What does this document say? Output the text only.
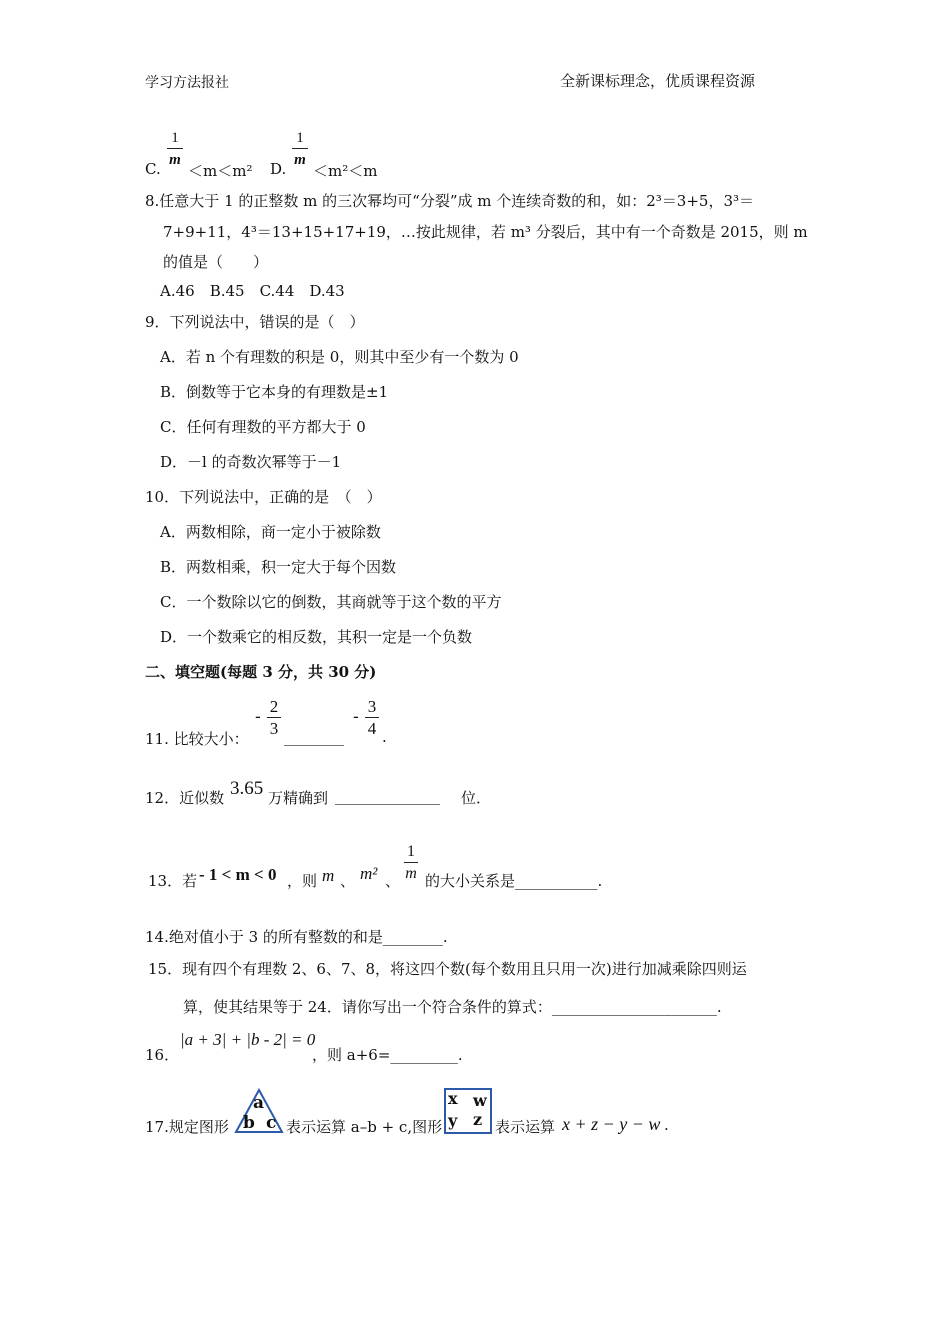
学习方法报社	全新课标理念，优质课程资源
C.
1
m
＜m＜m² D.
1
m
＜m²＜m
8.任意大于 1 的正整数 m 的三次幂均可“分裂”成 m 个连续奇数的和，如：2³＝3+5，3³＝
7+9+11，4³＝13+15+17+19，…按此规律，若 m³ 分裂后，其中有一个奇数是 2015，则 m
的值是（　　）
A.46　B.45　C.44　D.43
9．下列说法中，错误的是（　）
A．若 n 个有理数的积是 0，则其中至少有一个数为 0
B．倒数等于它本身的有理数是±1
C．任何有理数的平方都大于 0
D．－l 的奇数次幂等于－1
10．下列说法中，正确的是　（　）
A．两数相除，商一定小于被除数
B．两数相乘，积一定大于每个因数
C．一个数除以它的倒数，其商就等于这个数的平方
D．一个数乘它的相反数，其积一定是一个负数
二、填空题(每题 3 分，共 30 分)
11. 比较大小：
-
2
3 ________
-
3
4 .
12．近似数 3.65 万精确到 ______________ 位．
13．若 - 1 < m < 0 ，则 m 、 m² 、
1
m 的大小关系是___________.
14.绝对值小于 3 的所有整数的和是________.
15．现有四个有理数 2、6、7、8，将这四个数(每个数用且只用一次)进行加减乘除四则运
算，使其结果等于 24．请你写出一个符合条件的算式：______________________.
16．
|a + 3| + |b - 2| = 0
，则 a+6=_________.
17.规定图形
a
b c 表示运算 a–b + c,图形
x w
y z 表示运算 x + z − y − w .
